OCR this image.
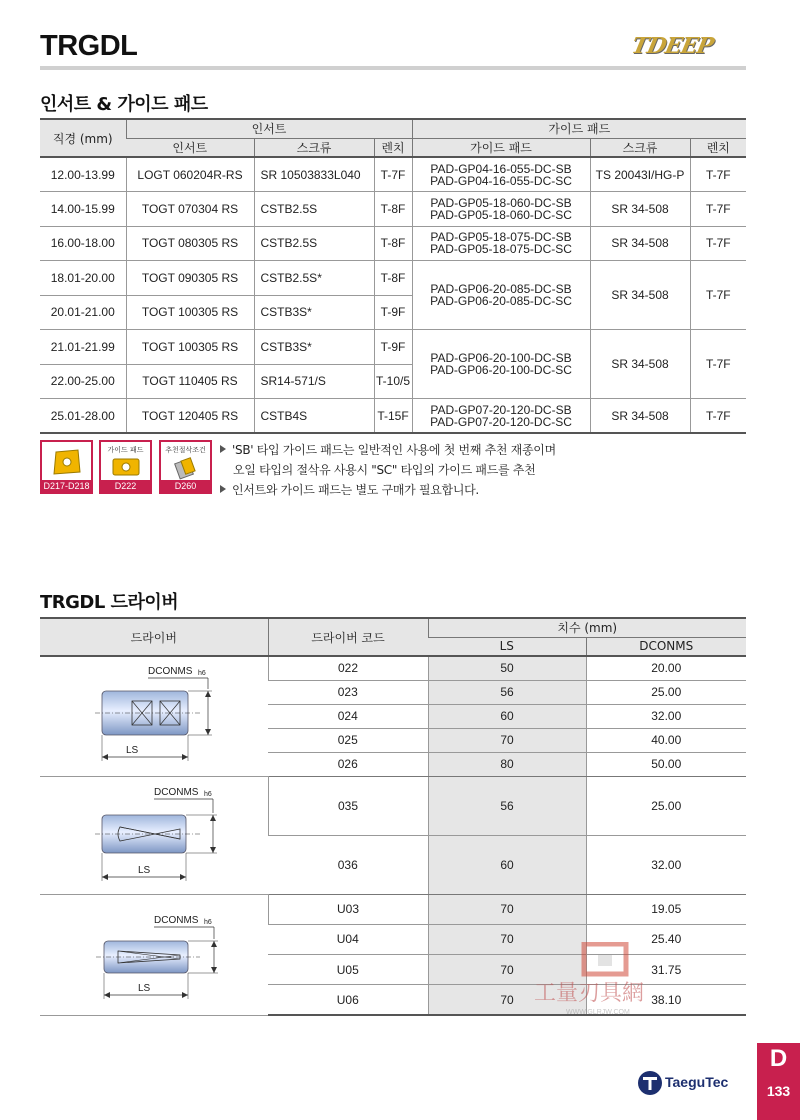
TRGDL	TDEEP
인서트 & 가이드 패드
직경 (mm)	인서트			가이드 패드		
	인서트	스크류	렌치	가이드 패드	스크류	렌치
12.00-13.99	LOGT 060204R-RS	SR 10503833L040	T-7F	PAD-GP04-16-055-DC-SB
PAD-GP04-16-055-DC-SC	TS 20043I/HG-P	T-7F
14.00-15.99	TOGT 070304 RS	CSTB2.5S	T-8F	PAD-GP05-18-060-DC-SB
PAD-GP05-18-060-DC-SC	SR 34-508	T-7F
16.00-18.00	TOGT 080305 RS	CSTB2.5S	T-8F	PAD-GP05-18-075-DC-SB
PAD-GP05-18-075-DC-SC	SR 34-508	T-7F
18.01-20.00	TOGT 090305 RS	CSTB2.5S*	T-8F	PAD-GP06-20-085-DC-SB
PAD-GP06-20-085-DC-SC	SR 34-508	T-7F
20.01-21.00	TOGT 100305 RS	CSTB3S*	T-9F			
21.01-21.99	TOGT 100305 RS	CSTB3S*	T-9F	PAD-GP06-20-100-DC-SB
PAD-GP06-20-100-DC-SC	SR 34-508	T-7F
22.00-25.00	TOGT 110405 RS	SR14-571/S	T-10/5			
25.01-28.00	TOGT 120405 RS	CSTB4S	T-15F	PAD-GP07-20-120-DC-SB
PAD-GP07-20-120-DC-SC	SR 34-508	T-7F
D217-D218
가이드 패드
D222
추천절삭조건
D260
'SB' 타입 가이드 패드는 일반적인 사용에 첫 번째 추천 재종이며
오일 타입의 절삭유 사용시 "SC" 타입의 가이드 패드를 추천
인서트와 가이드 패드는 별도 구매가 필요합니다.
TRGDL 드라이버
드라이버	드라이버 코드	치수 (mm)	
		LS	DCONMS

DCONMS h6
LS	022	50	20.00
	023	56	25.00
	024	60	32.00
	025	70	40.00
	026	80	50.00

DCONMS h6
LS	035	56	25.00
	036	60	32.00

DCONMS h6
LS	U03	70	19.05
	U04	70	25.40
	U05	70	31.75
	U06	70	38.10
工量刃具網
WWW.GLRJW.COM
TaeguTec
D
133
